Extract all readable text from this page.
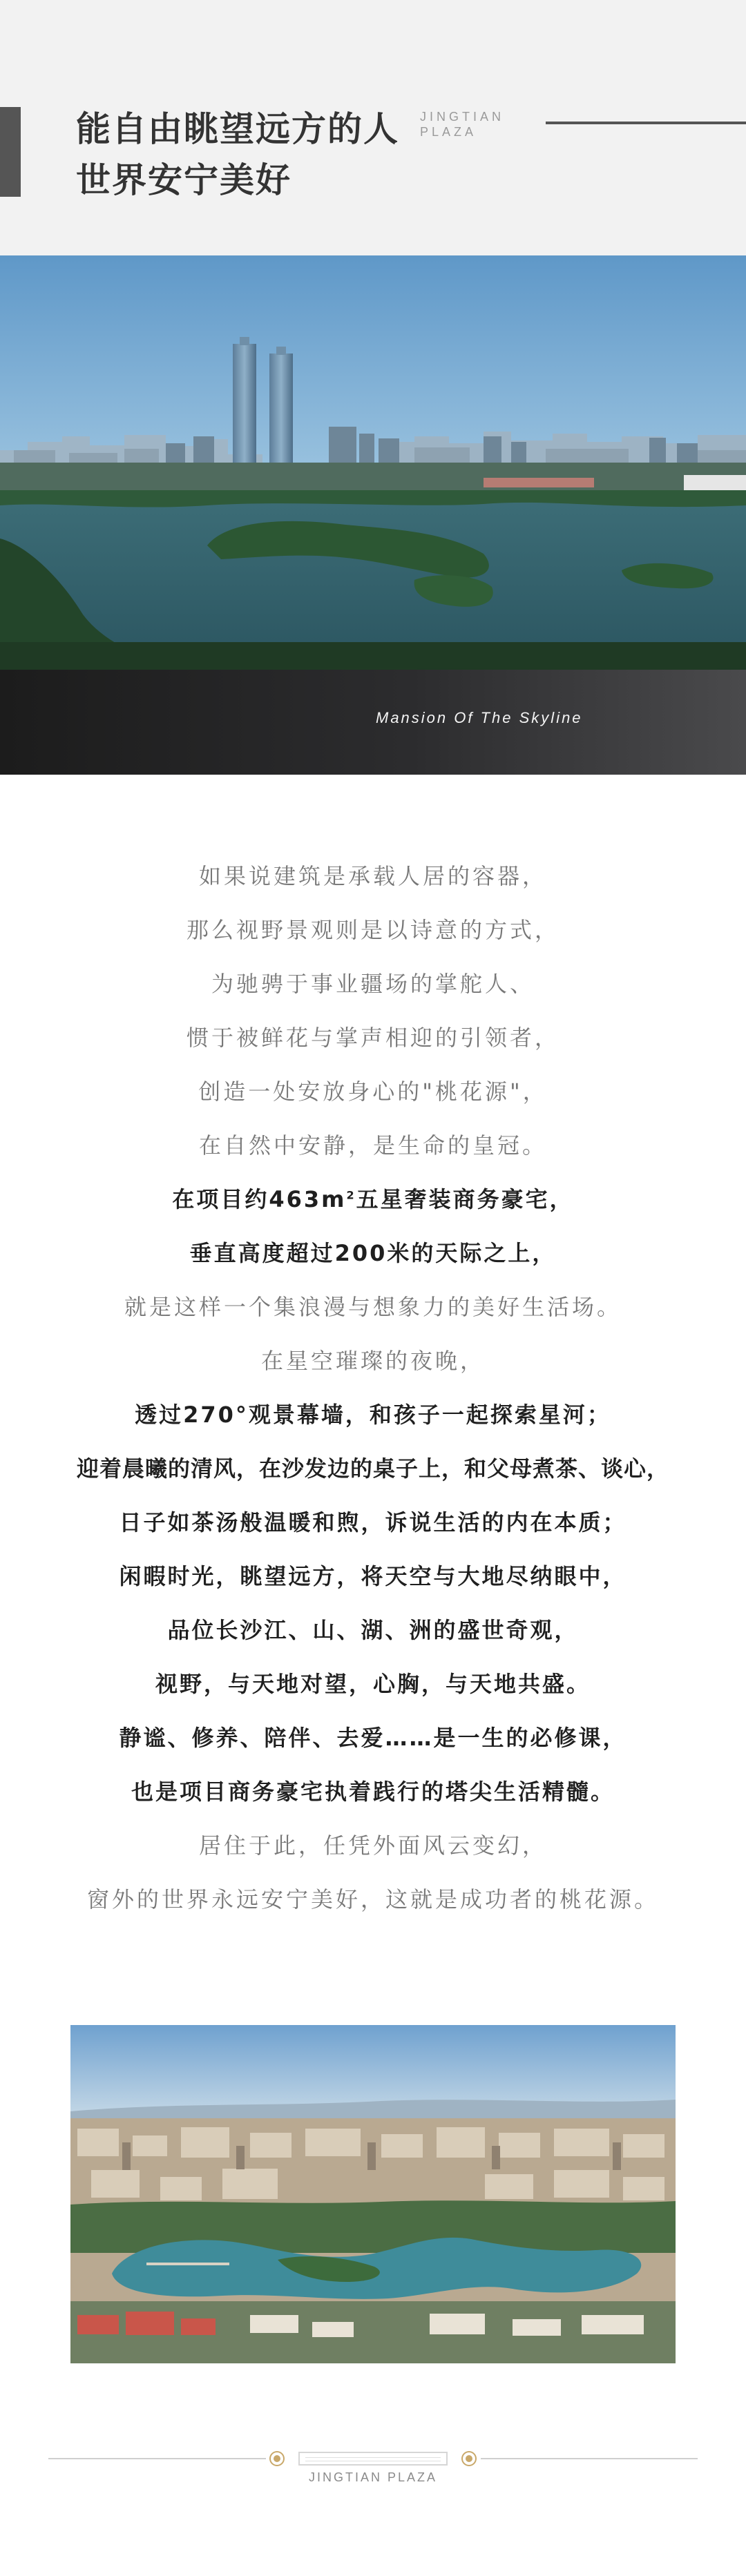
能自由眺望远方的人
世界安宁美好
JINGTIAN
PLAZA
Mansion Of The Skyline
如果说建筑是承载人居的容器，
那么视野景观则是以诗意的方式，
为驰骋于事业疆场的掌舵人、
惯于被鲜花与掌声相迎的引领者，
创造一处安放身心的"桃花源"，
在自然中安静，是生命的皇冠。
在项目约$463m^2$五星奢装商务豪宅，
垂直高度超过200米的天际之上，
就是这样一个集浪漫与想象力的美好生活场。
在星空璀璨的夜晚，
透过270°观景幕墙，和孩子一起探索星河；
迎着晨曦的清风，在沙发边的桌子上，和父母煮茶、谈心，
日子如茶汤般温暖和煦，诉说生活的内在本质；
闲暇时光，眺望远方，将天空与大地尽纳眼中，
品位长沙江、山、湖、洲的盛世奇观，
视野，与天地对望，心胸，与天地共盛。
静谧、修养、陪伴、去爱……是一生的必修课，
也是项目商务豪宅执着践行的塔尖生活精髓。
居住于此，任凭外面风云变幻，
窗外的世界永远安宁美好，这就是成功者的桃花源。
JINGTIAN PLAZA
